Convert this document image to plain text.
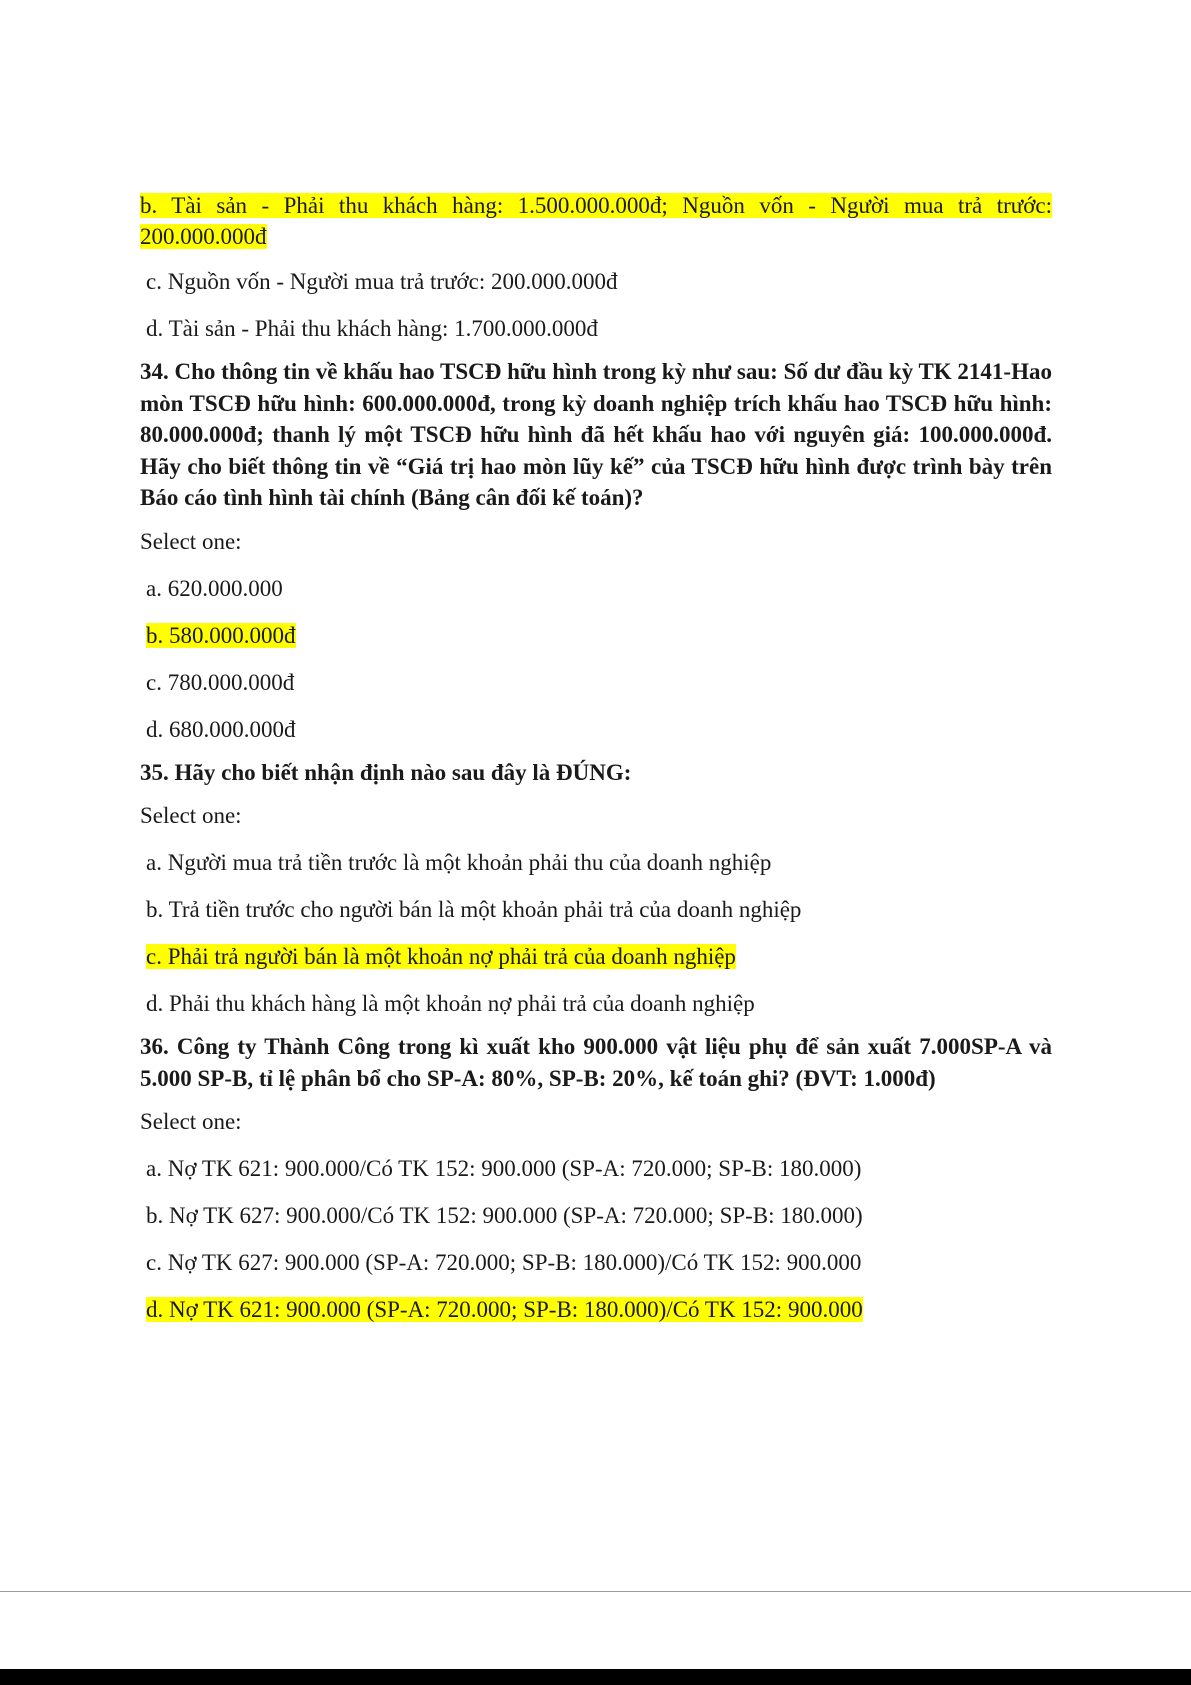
b. Tài sản - Phải thu khách hàng: 1.500.000.000đ; Nguồn vốn - Người mua trả trước: 200.000.000đ
c. Nguồn vốn - Người mua trả trước: 200.000.000đ
d. Tài sản - Phải thu khách hàng: 1.700.000.000đ
34. Cho thông tin về khấu hao TSCĐ hữu hình trong kỳ như sau: Số dư đầu kỳ TK 2141-Hao mòn TSCĐ hữu hình: 600.000.000đ, trong kỳ doanh nghiệp trích khấu hao TSCĐ hữu hình: 80.000.000đ; thanh lý một TSCĐ hữu hình đã hết khấu hao với nguyên giá: 100.000.000đ. Hãy cho biết thông tin về “Giá trị hao mòn lũy kế” của TSCĐ hữu hình được trình bày trên Báo cáo tình hình tài chính (Bảng cân đối kế toán)?
Select one:
a. 620.000.000
b. 580.000.000đ
c. 780.000.000đ
d. 680.000.000đ
35. Hãy cho biết nhận định nào sau đây là ĐÚNG:
Select one:
a. Người mua trả tiền trước là một khoản phải thu của doanh nghiệp
b. Trả tiền trước cho người bán là một khoản phải trả của doanh nghiệp
c. Phải trả người bán là một khoản nợ phải trả của doanh nghiệp
d. Phải thu khách hàng là một khoản nợ phải trả của doanh nghiệp
36. Công ty Thành Công trong kì xuất kho 900.000 vật liệu phụ để sản xuất 7.000SP-A và 5.000 SP-B, tỉ lệ phân bổ cho SP-A: 80%, SP-B: 20%, kế toán ghi? (ĐVT: 1.000đ)
Select one:
a. Nợ TK 621: 900.000/Có TK 152: 900.000 (SP-A: 720.000; SP-B: 180.000)
b. Nợ TK 627: 900.000/Có TK 152: 900.000 (SP-A: 720.000; SP-B: 180.000)
c. Nợ TK 627: 900.000 (SP-A: 720.000; SP-B: 180.000)/Có TK 152: 900.000
d. Nợ TK 621: 900.000 (SP-A: 720.000; SP-B: 180.000)/Có TK 152: 900.000
